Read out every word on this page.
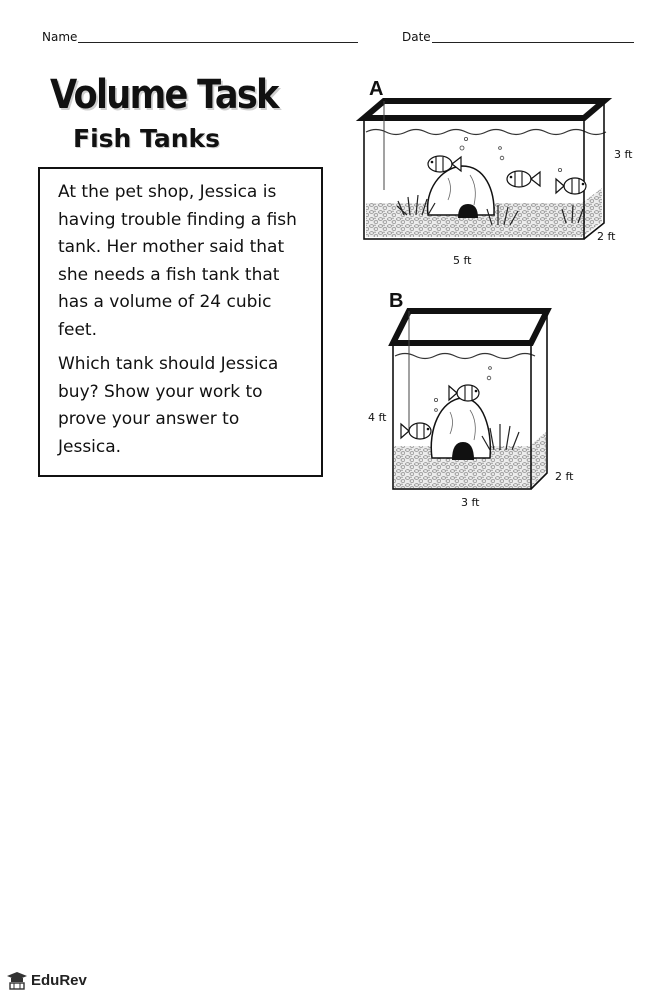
Name	Date
Volume Task
Fish Tanks

At the pet shop, Jessica is having trouble finding a fish tank. Her mother said that she needs a fish tank that has a volume of 24 cubic feet.

Which tank should Jessica buy? Show your work to prove your answer to Jessica.

A
3 ft
2 ft
5 ft
B
4 ft
2 ft
3 ft
EduRev
